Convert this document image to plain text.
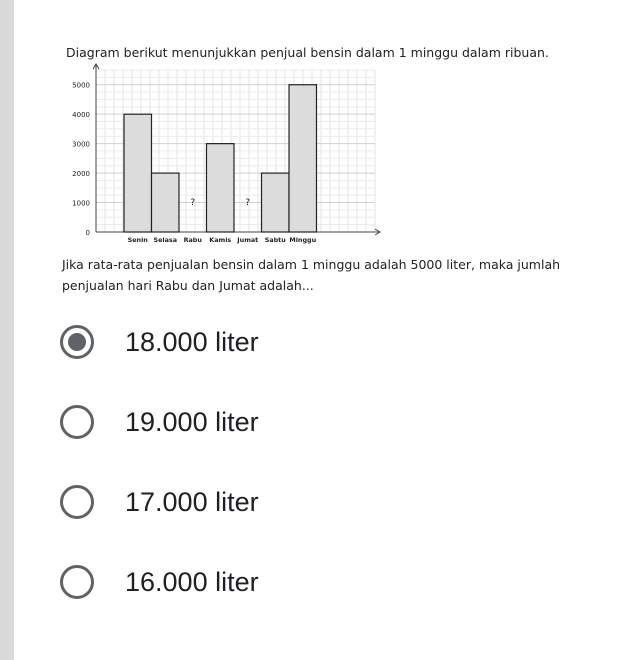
Diagram berikut menunjukkan penjual bensin dalam 1 minggu dalam ribuan.
0
1000
2000
3000
4000
5000
Senin Selasa
?
Rabu Kamis
?
Jumat Sabtu Minggu
Jika rata-rata penjualan bensin dalam 1 minggu adalah 5000 liter, maka jumlah penjualan hari Rabu dan Jumat adalah...
18.000 liter
19.000 liter
17.000 liter
16.000 liter
